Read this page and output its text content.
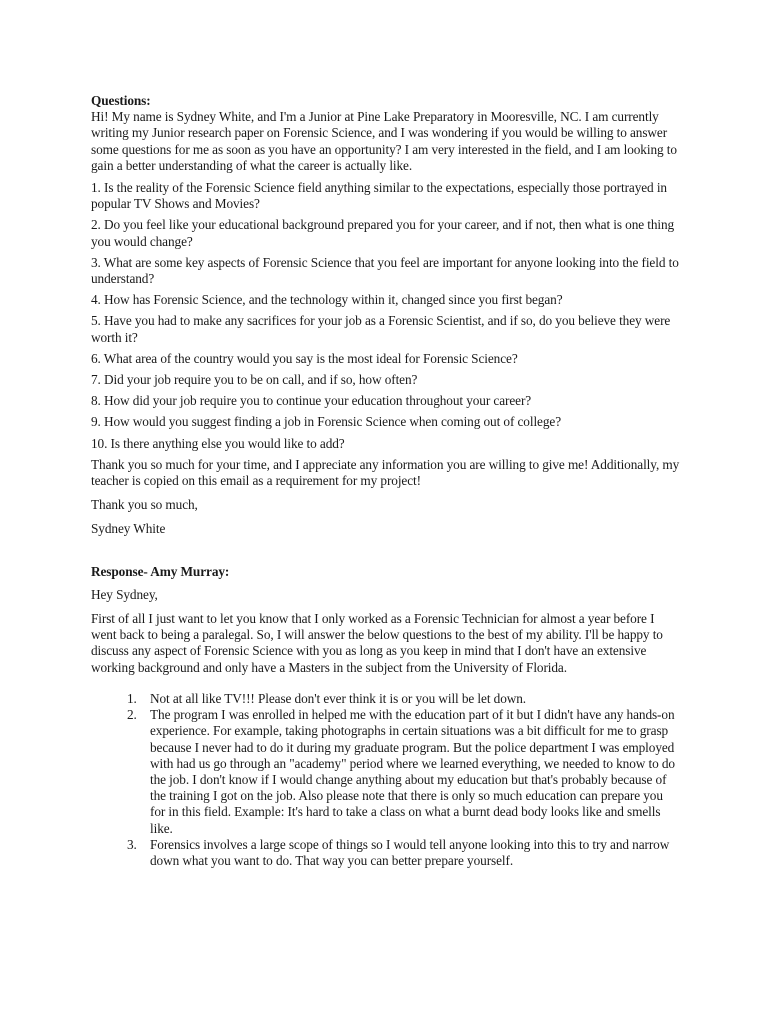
Questions:

Hi! My name is Sydney White, and I'm a Junior at Pine Lake Preparatory in Mooresville, NC. I am currently writing my Junior research paper on Forensic Science, and I was wondering if you would be willing to answer some questions for me as soon as you have an opportunity? I am very interested in the field, and I am looking to gain a better understanding of what the career is actually like.

1. Is the reality of the Forensic Science field anything similar to the expectations, especially those portrayed in popular TV Shows and Movies?

2. Do you feel like your educational background prepared you for your career, and if not, then what is one thing you would change?

3. What are some key aspects of Forensic Science that you feel are important for anyone looking into the field to understand?

4. How has Forensic Science, and the technology within it, changed since you first began?

5. Have you had to make any sacrifices for your job as a Forensic Scientist, and if so, do you believe they were worth it?

6. What area of the country would you say is the most ideal for Forensic Science?

7. Did your job require you to be on call, and if so, how often?

8. How did your job require you to continue your education throughout your career?

9. How would you suggest finding a job in Forensic Science when coming out of college?

10. Is there anything else you would like to add?

Thank you so much for your time, and I appreciate any information you are willing to give me! Additionally, my teacher is copied on this email as a requirement for my project!

Thank you so much,

Sydney White

Response- Amy Murray:

Hey Sydney,

First of all I just want to let you know that I only worked as a Forensic Technician for almost a year before I went back to being a paralegal. So, I will answer the below questions to the best of my ability. I'll be happy to discuss any aspect of Forensic Science with you as long as you keep in mind that I don't have an extensive working background and only have a Masters in the subject from the University of Florida.

1. Not at all like TV!!! Please don't ever think it is or you will be let down.
2. The program I was enrolled in helped me with the education part of it but I didn't have any hands-on experience. For example, taking photographs in certain situations was a bit difficult for me to grasp because I never had to do it during my graduate program. But the police department I was employed with had us go through an "academy" period where we learned everything, we needed to know to do the job. I don't know if I would change anything about my education but that's probably because of the training I got on the job. Also please note that there is only so much education can prepare you for in this field. Example: It's hard to take a class on what a burnt dead body looks like and smells like.
3. Forensics involves a large scope of things so I would tell anyone looking into this to try and narrow down what you want to do. That way you can better prepare yourself.
